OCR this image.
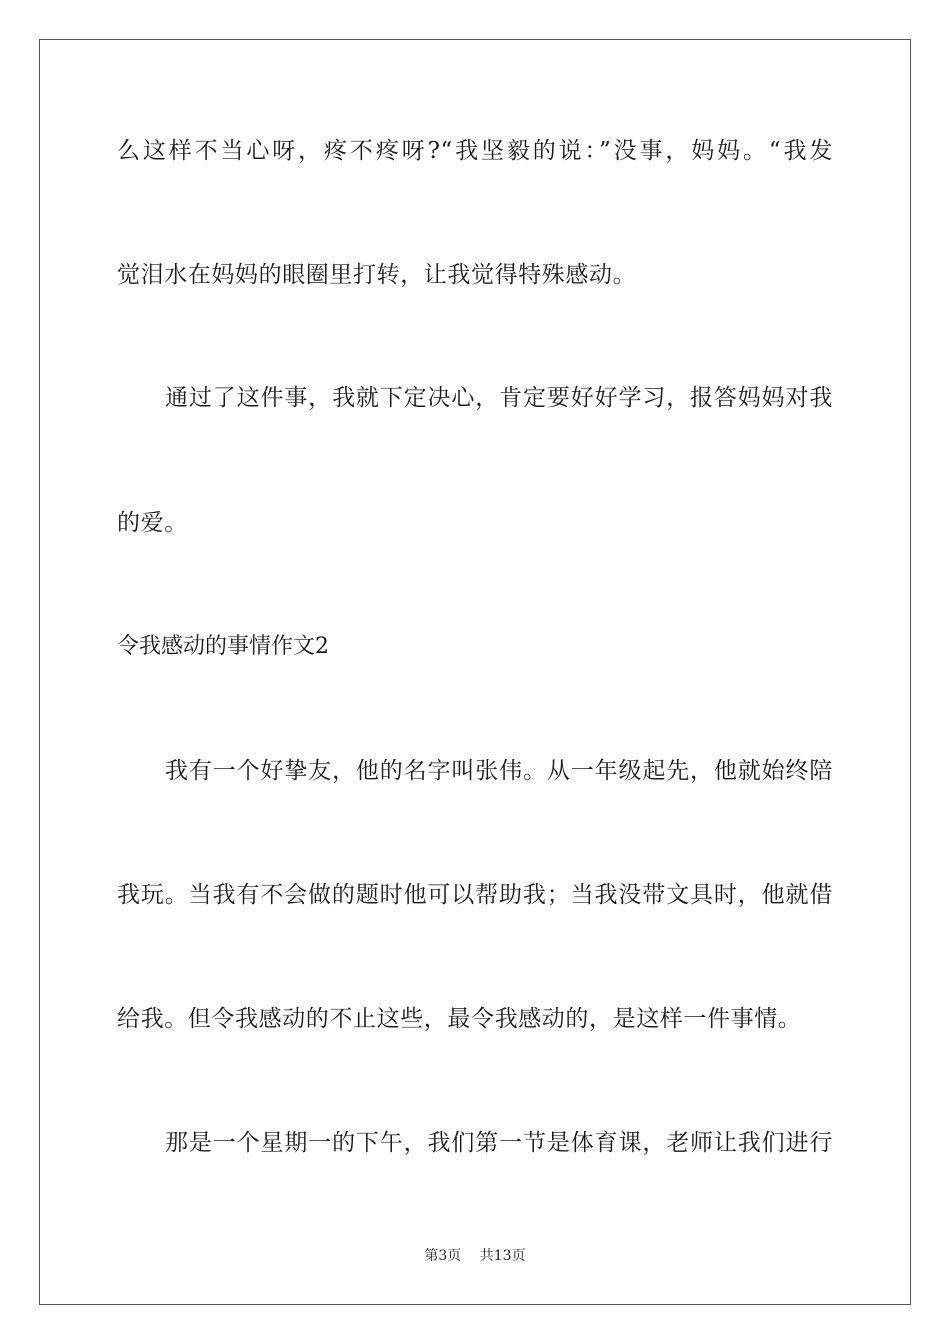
么这样不当心呀，疼不疼呀?“我坚毅的说：”没事，妈妈。“我发
觉泪水在妈妈的眼圈里打转，让我觉得特殊感动。
通过了这件事，我就下定决心，肯定要好好学习，报答妈妈对我
的爱。
令我感动的事情作文2
我有一个好挚友，他的名字叫张伟。从一年级起先，他就始终陪
我玩。当我有不会做的题时他可以帮助我；当我没带文具时，他就借
给我。但令我感动的不止这些，最令我感动的，是这样一件事情。
那是一个星期一的下午，我们第一节是体育课，老师让我们进行
第3页 共13页
